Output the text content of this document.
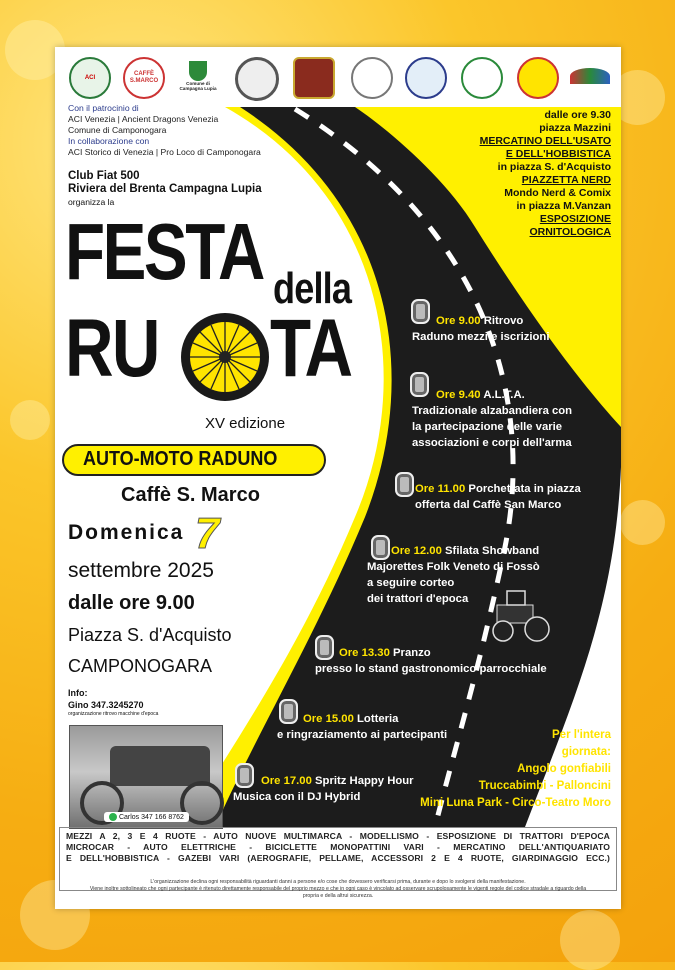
ACI
CAFFÈ
S.MARCO	Comune di Campagna Lupia
Con il patrocinio di
ACI Venezia | Ancient Dragons Venezia
Comune di Camponogara
In collaborazione con
ACI Storico di Venezia | Pro Loco di Camponogara
Club Fiat 500
Riviera del Brenta Campagna Lupia
organizza la
FESTA della
RU TA
XV edizione
AUTO-MOTO RADUNO
Caffè S. Marco
Domenica 7
settembre 2025
dalle ore 9.00
Piazza S. d'Acquisto
CAMPONOGARA
Info:
Gino 347.3245270
organizzazione ritrovo macchine d'epoca
Carlos 347 166 8762
dalle ore 9.30
piazza Mazzini
MERCATINO DELL'USATO
E DELL'HOBBISTICA
in piazza S. d'Acquisto
PIAZZETTA NERD
Mondo Nerd & Comix
in piazza M.Vanzan
ESPOSIZIONE
ORNITOLOGICA
Ore 9.00 Ritrovo
Raduno mezzi e iscrizioni
Ore 9.40 A.L.T.A.
Tradizionale alzabandiera con
la partecipazione delle varie
associazioni e corpi dell'arma
Ore 11.00 Porchettata in piazza
offerta dal Caffè San Marco
Ore 12.00 Sfilata Showband
Majorettes Folk Veneto di Fossò
a seguire corteo
dei trattori d'epoca
Ore 13.30 Pranzo
presso lo stand gastronomico parrocchiale
Ore 15.00 Lotteria
e ringraziamento ai partecipanti
Ore 17.00 Spritz Happy Hour
Musica con il DJ Hybrid
Per l'intera
giornata:
Angolo gonfiabili
Truccabimbi - Palloncini
Mini Luna Park - Circo-Teatro Moro
MEZZI A 2, 3 E 4 RUOTE - AUTO NUOVE MULTIMARCA - MODELLISMO - ESPOSIZIONE DI TRATTORI D'EPOCA
MICROCAR - AUTO ELETTRICHE - BICICLETTE MONOPATTINI VARI - MERCATINO DELL'ANTIQUARIATO
E DELL'HOBBISTICA - GAZEBI VARI (AEROGRAFIE, PELLAME, ACCESSORI 2 E 4 RUOTE, GIARDINAGGIO ECC.)
L'organizzazione declina ogni responsabilità riguardanti danni a persone e/o cose che dovessero verificarsi prima, durante e dopo lo svolgersi della manifestazione.
Viene inoltre sottolineato che ogni partecipante è ritenuto direttamente responsabile del proprio mezzo e che in ogni caso è vincolato ad osservare scrupolosamente le vigenti regole del codice stradale a riguardo della propria e della altrui sicurezza.
